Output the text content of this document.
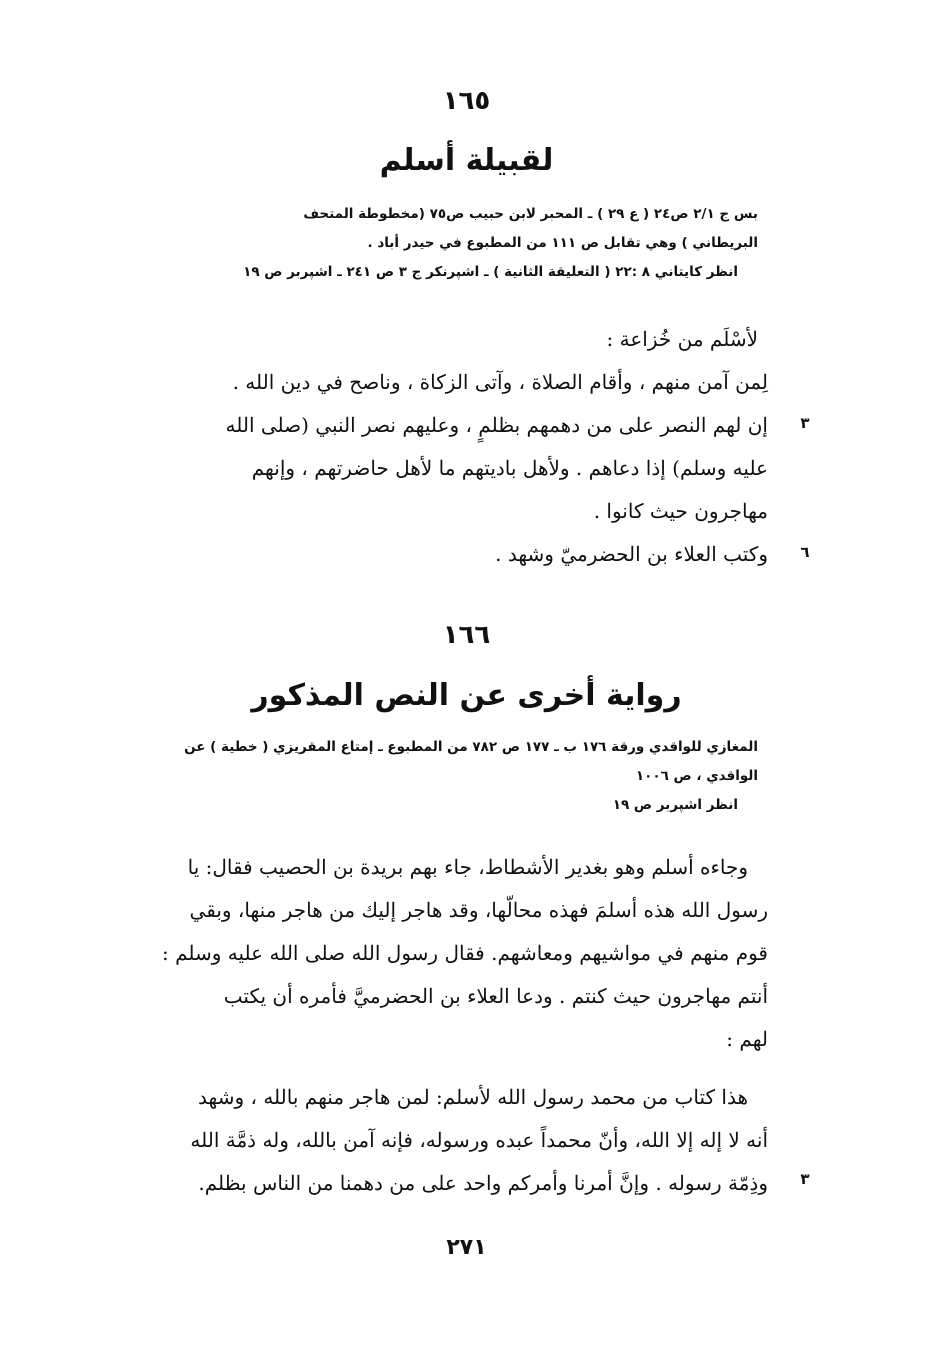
١٦٥
لقبيلة أسلم
بس ج ٢/١ ص٢٤ ( ع ٢٩ ) ـ المحبر لابن حبيب ص٧٥ (مخطوطة المتحف
البريطاني ) وهي تقابل ص ١١١ من المطبوع في حيدر أباد .
انظر كايتاني ٨ :٢٢ ( التعليقة الثانية ) ـ اشپرنكر ج ٣ ص ٢٤١ ـ اشپربر ص ١٩
لأسْلَم من خُزاعة :
لِمن آمن منهم ، وأقام الصلاة ، وآتى الزكاة ، وناصح في دين الله .
إن لهم النصر على من دهمهم بظلمٍ ، وعليهم نصر النبي (صلى الله
عليه وسلم) إذا دعاهم . ولأهل باديتهم ما لأهل حاضرتهم ، وإنهم
مهاجرون حيث كانوا .
وكتب العلاء بن الحضرميّ وشهد .
٣
٦
١٦٦
رواية أخرى عن النص المذكور
المغازي للواقدي ورقة ١٧٦ ب ـ ١٧٧ ص ٧٨٢ من المطبوع ـ إمتاع المقريزي ( خطية ) عن
الواقدي ، ص ١٠٠٦
انظر اشپربر ص ١٩
وجاءه أسلم وهو بغدير الأشطاط، جاء بهم بريدة بن الحصيب فقال: يا
رسول الله هذه أسلمَ فهذه محالّها، وقد هاجر إليك من هاجر منها، وبقي
قوم منهم في مواشيهم ومعاشهم. فقال رسول الله صلى الله عليه وسلم :
أنتم مهاجرون حيث كنتم . ودعا العلاء بن الحضرميَّ فأمره أن يكتب
لهم :
هذا كتاب من محمد رسول الله لأسلم: لمن هاجر منهم بالله ، وشهد
أنه لا إله إلا الله، وأنّ محمداً عبده ورسوله، فإنه آمن بالله، وله ذمَّة الله
وذِمّة رسوله . وإنَّ أمرنا وأمركم واحد على من دهمنا من الناس بظلم.	٣
٢٧١
